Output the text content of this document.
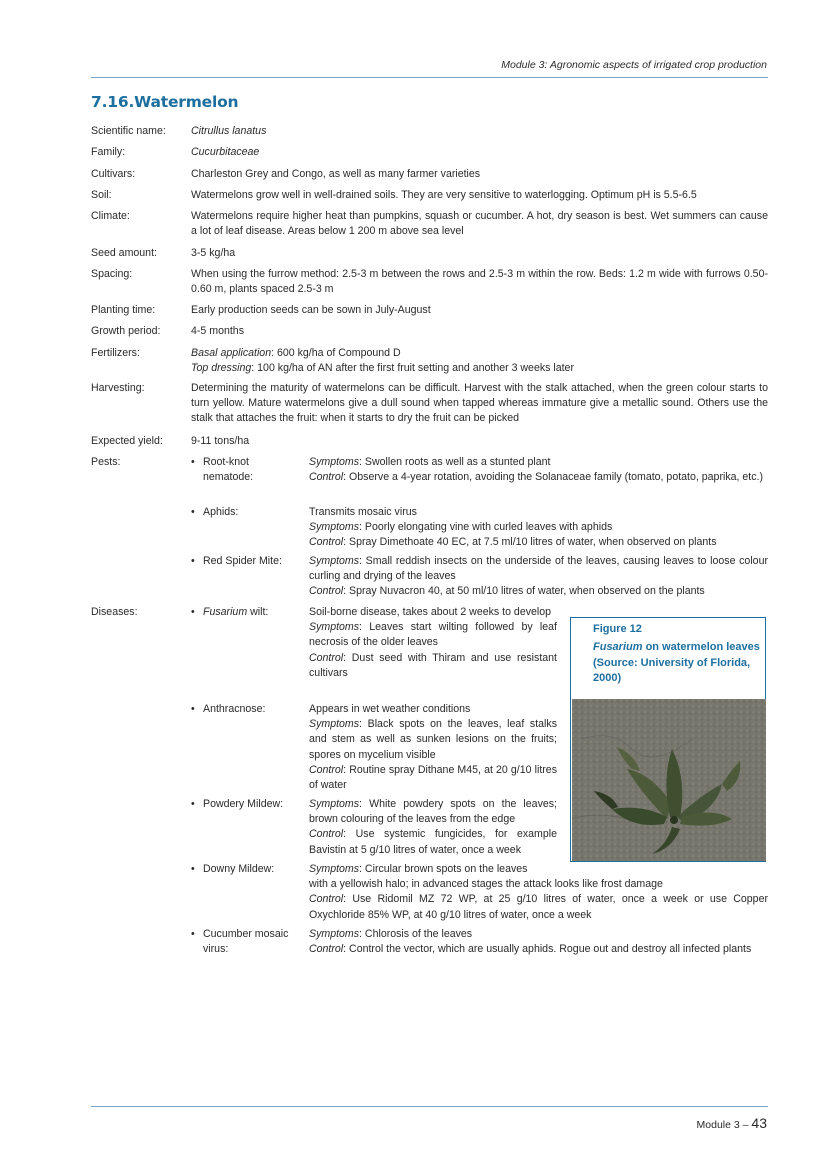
Module 3: Agronomic aspects of irrigated crop production
7.16.Watermelon
Scientific name:	Citrullus lanatus
Family:	Cucurbitaceae
Cultivars:	Charleston Grey and Congo, as well as many farmer varieties
Soil:	Watermelons grow well in well-drained soils. They are very sensitive to waterlogging. Optimum pH is 5.5-6.5
Climate:	Watermelons require higher heat than pumpkins, squash or cucumber. A hot, dry season is best. Wet summers can cause a lot of leaf disease. Areas below 1 200 m above sea level
Seed amount:	3-5 kg/ha
Spacing:	When using the furrow method: 2.5-3 m between the rows and 2.5-3 m within the row. Beds: 1.2 m wide with furrows 0.50-0.60 m, plants spaced 2.5-3 m
Planting time:	Early production seeds can be sown in July-August
Growth period:	4-5 months
Fertilizers:	Basal application: 600 kg/ha of Compound D
Top dressing: 100 kg/ha of AN after the first fruit setting and another 3 weeks later
Harvesting:	Determining the maturity of watermelons can be difficult. Harvest with the stalk attached, when the green colour starts to turn yellow. Mature watermelons give a dull sound when tapped whereas immature give a metallic sound. Others use the stalk that attaches the fruit: when it starts to dry the fruit can be picked
Expected yield:	9-11 tons/ha
Pests:	• Root-knot nematode:
Symptoms: Swollen roots as well as a stunted plant
Control: Observe a 4-year rotation, avoiding the Solanaceae family (tomato, potato, paprika, etc.)
• Aphids:	Transmits mosaic virus
Symptoms: Poorly elongating vine with curled leaves with aphids
Control: Spray Dimethoate 40 EC, at 7.5 ml/10 litres of water, when observed on plants
• Red Spider Mite:	Symptoms: Small reddish insects on the underside of the leaves, causing leaves to loose colour curling and drying of the leaves
Control: Spray Nuvacron 40, at 50 ml/10 litres of water, when observed on the plants
Diseases:	• Fusarium wilt:	Soil-borne disease, takes about 2 weeks to develop
Symptoms: Leaves start wilting followed by leaf necrosis of the older leaves
Control: Dust seed with Thiram and use resistant cultivars
• Anthracnose:	Appears in wet weather conditions
Symptoms: Black spots on the leaves, leaf stalks and stem as well as sunken lesions on the fruits; spores on mycelium visible
Control: Routine spray Dithane M45, at 20 g/10 litres of water
• Powdery Mildew:	Symptoms: White powdery spots on the leaves; brown colouring of the leaves from the edge
Control: Use systemic fungicides, for example Bavistin at 5 g/10 litres of water, once a week
• Downy Mildew:	Symptoms: Circular brown spots on the leaves
with a yellowish halo; in advanced stages the attack looks like frost damage
Control: Use Ridomil MZ 72 WP, at 25 g/10 litres of water, once a week or use Copper Oxychloride 85% WP, at 40 g/10 litres of water, once a week
• Cucumber mosaic virus:
Symptoms: Chlorosis of the leaves
Control: Control the vector, which are usually aphids. Rogue out and destroy all infected plants
Figure 12
Fusarium on watermelon leaves (Source: University of Florida, 2000)
Module 3 – 43
